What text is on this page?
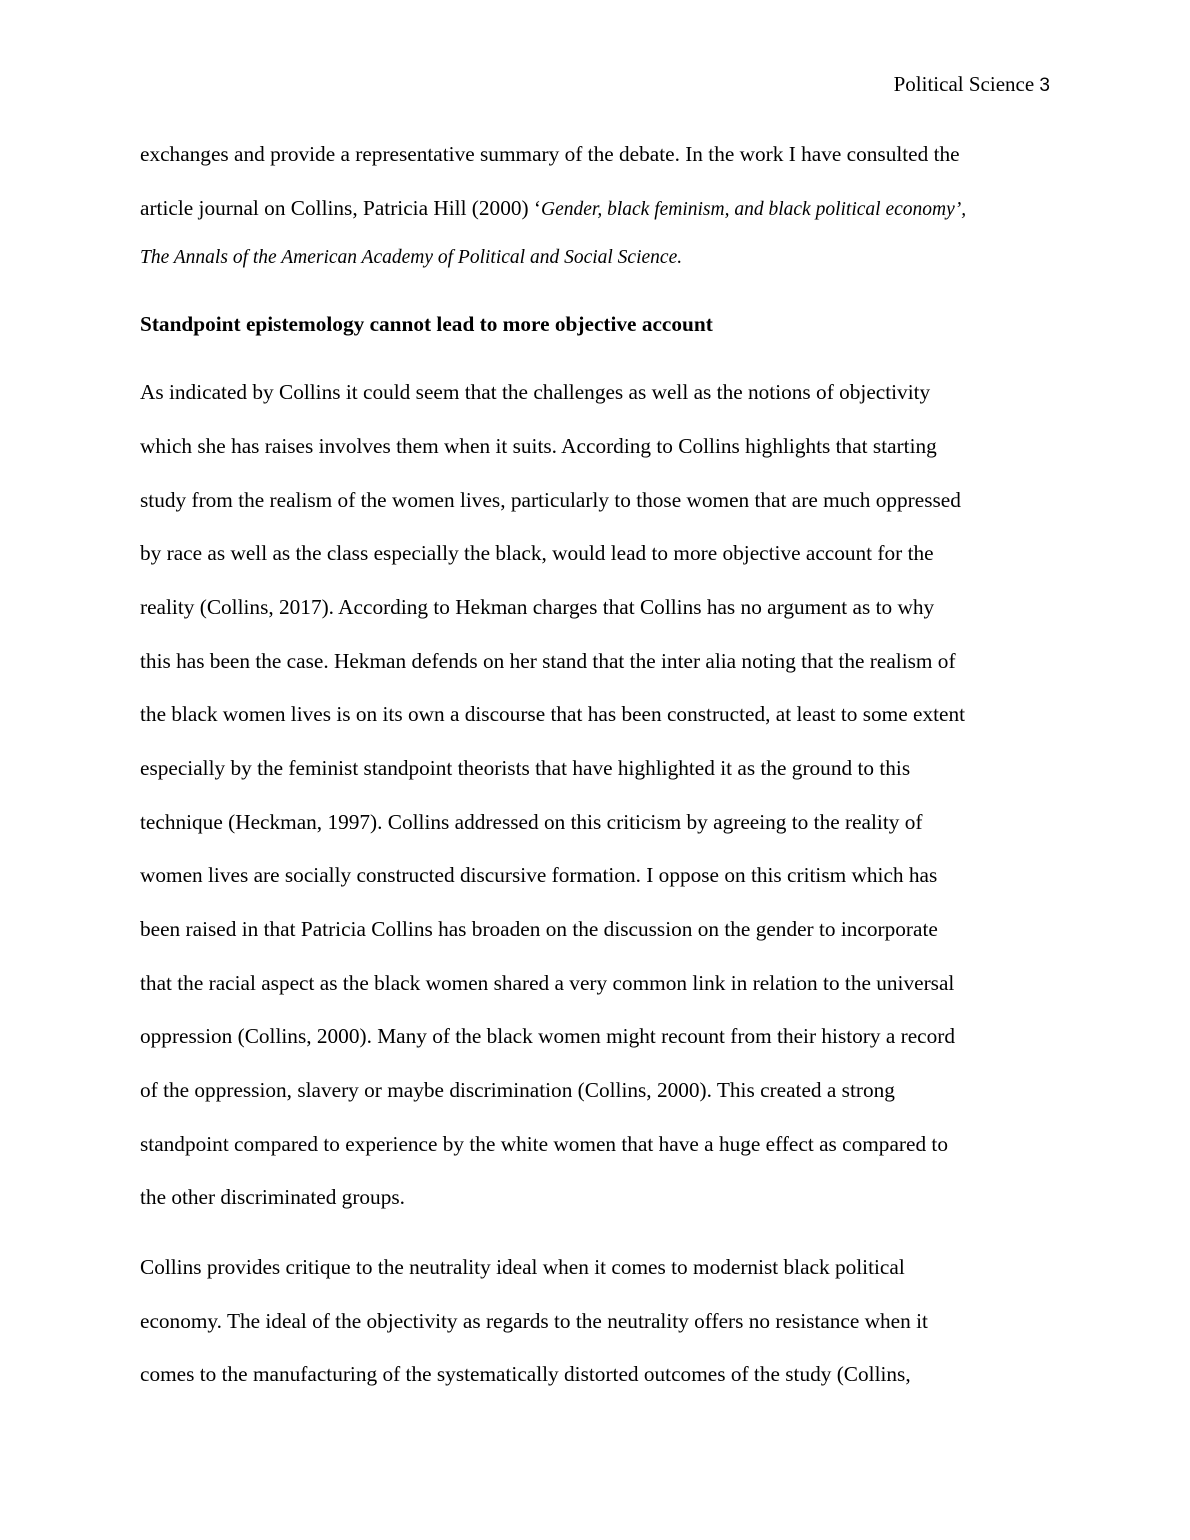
Political Science 3
exchanges and provide a representative summary of the debate. In the work I have consulted the
article journal on Collins, Patricia Hill (2000) ‘Gender, black feminism, and black political economy’,
The Annals of the American Academy of Political and Social Science.
Standpoint epistemology cannot lead to more objective account
As indicated by Collins it could seem that the challenges as well as the notions of objectivity
which she has raises involves them when it suits. According to Collins highlights that starting
study from the realism of the women lives, particularly to those women that are much oppressed
by race as well as the class especially the black, would lead to more objective account for the
reality (Collins, 2017). According to Hekman charges that Collins has no argument as to why
this has been the case. Hekman defends on her stand that the inter alia noting that the realism of
the black women lives is on its own a discourse that has been constructed, at least to some extent
especially by the feminist standpoint theorists that have highlighted it as the ground to this
technique (Heckman, 1997). Collins addressed on this criticism by agreeing to the reality of
women lives are socially constructed discursive formation. I oppose on this critism which has
been raised in that Patricia Collins has broaden on the discussion on the gender to incorporate
that the racial aspect as the black women shared a very common link in relation to the universal
oppression (Collins, 2000). Many of the black women might recount from their history a record
of the oppression, slavery or maybe discrimination (Collins, 2000). This created a strong
standpoint compared to experience by the white women that have a huge effect as compared to
the other discriminated groups.
Collins provides critique to the neutrality ideal when it comes to modernist black political
economy. The ideal of the objectivity as regards to the neutrality offers no resistance when it
comes to the manufacturing of the systematically distorted outcomes of the study (Collins,
